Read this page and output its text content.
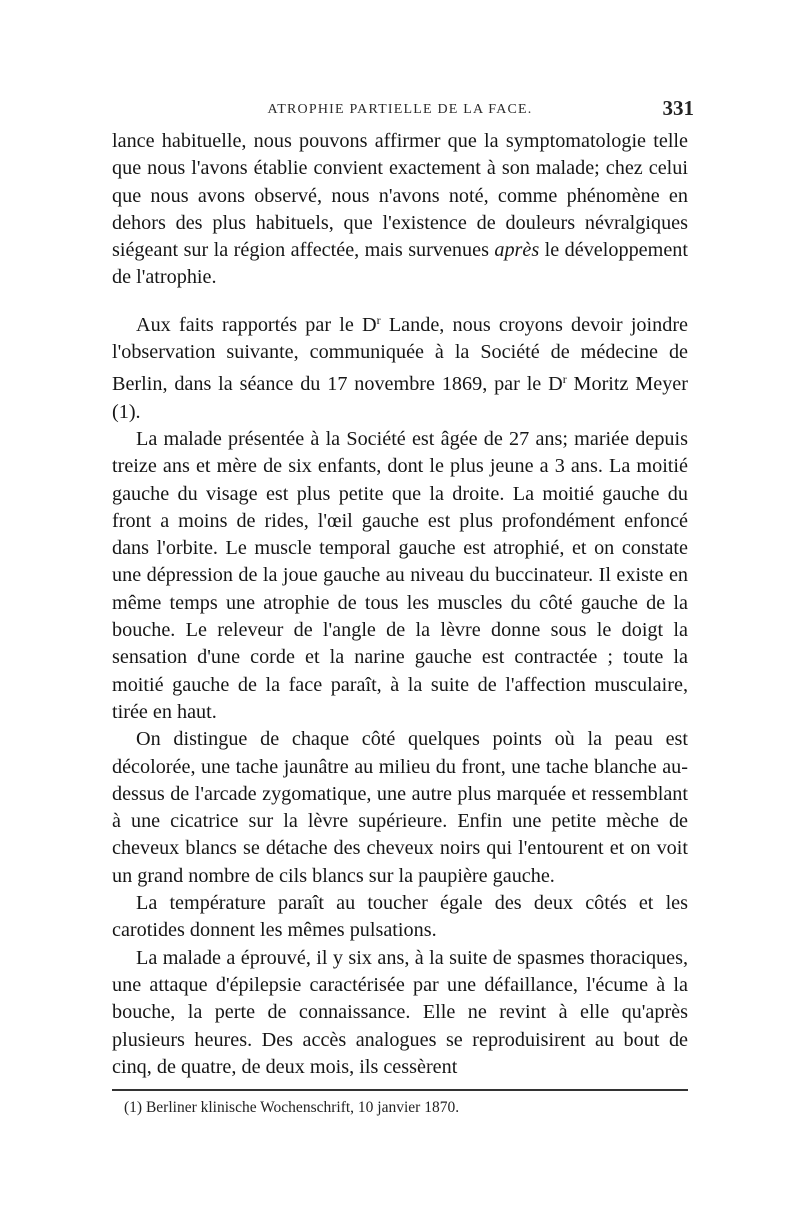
ATROPHIE PARTIELLE DE LA FACE.	331

lance habituelle, nous pouvons affirmer que la symptomatologie telle que nous l'avons établie convient exactement à son malade; chez celui que nous avons observé, nous n'avons noté, comme phénomène en dehors des plus habituels, que l'existence de douleurs névralgiques siégeant sur la région affectée, mais survenues après le développement de l'atrophie.

Aux faits rapportés par le $D^r$ Lande, nous croyons devoir joindre l'observation suivante, communiquée à la Société de médecine de Berlin, dans la séance du 17 novembre 1869, par le $D^r$ Moritz Meyer (1).

La malade présentée à la Société est âgée de 27 ans; mariée depuis treize ans et mère de six enfants, dont le plus jeune a 3 ans. La moitié gauche du visage est plus petite que la droite. La moitié gauche du front a moins de rides, l'œil gauche est plus profondément enfoncé dans l'orbite. Le muscle temporal gauche est atrophié, et on constate une dépression de la joue gauche au niveau du buccinateur. Il existe en même temps une atrophie de tous les muscles du côté gauche de la bouche. Le releveur de l'angle de la lèvre donne sous le doigt la sensation d'une corde et la narine gauche est contractée ; toute la moitié gauche de la face paraît, à la suite de l'affection musculaire, tirée en haut.

On distingue de chaque côté quelques points où la peau est décolorée, une tache jaunâtre au milieu du front, une tache blanche au-dessus de l'arcade zygomatique, une autre plus marquée et ressemblant à une cicatrice sur la lèvre supérieure. Enfin une petite mèche de cheveux blancs se détache des cheveux noirs qui l'entourent et on voit un grand nombre de cils blancs sur la paupière gauche.

La température paraît au toucher égale des deux côtés et les carotides donnent les mêmes pulsations.

La malade a éprouvé, il y six ans, à la suite de spasmes thoraciques, une attaque d'épilepsie caractérisée par une défaillance, l'écume à la bouche, la perte de connaissance. Elle ne revint à elle qu'après plusieurs heures. Des accès analogues se reproduisirent au bout de cinq, de quatre, de deux mois, ils cessèrent

(1) Berliner klinische Wochenschrift, 10 janvier 1870.
